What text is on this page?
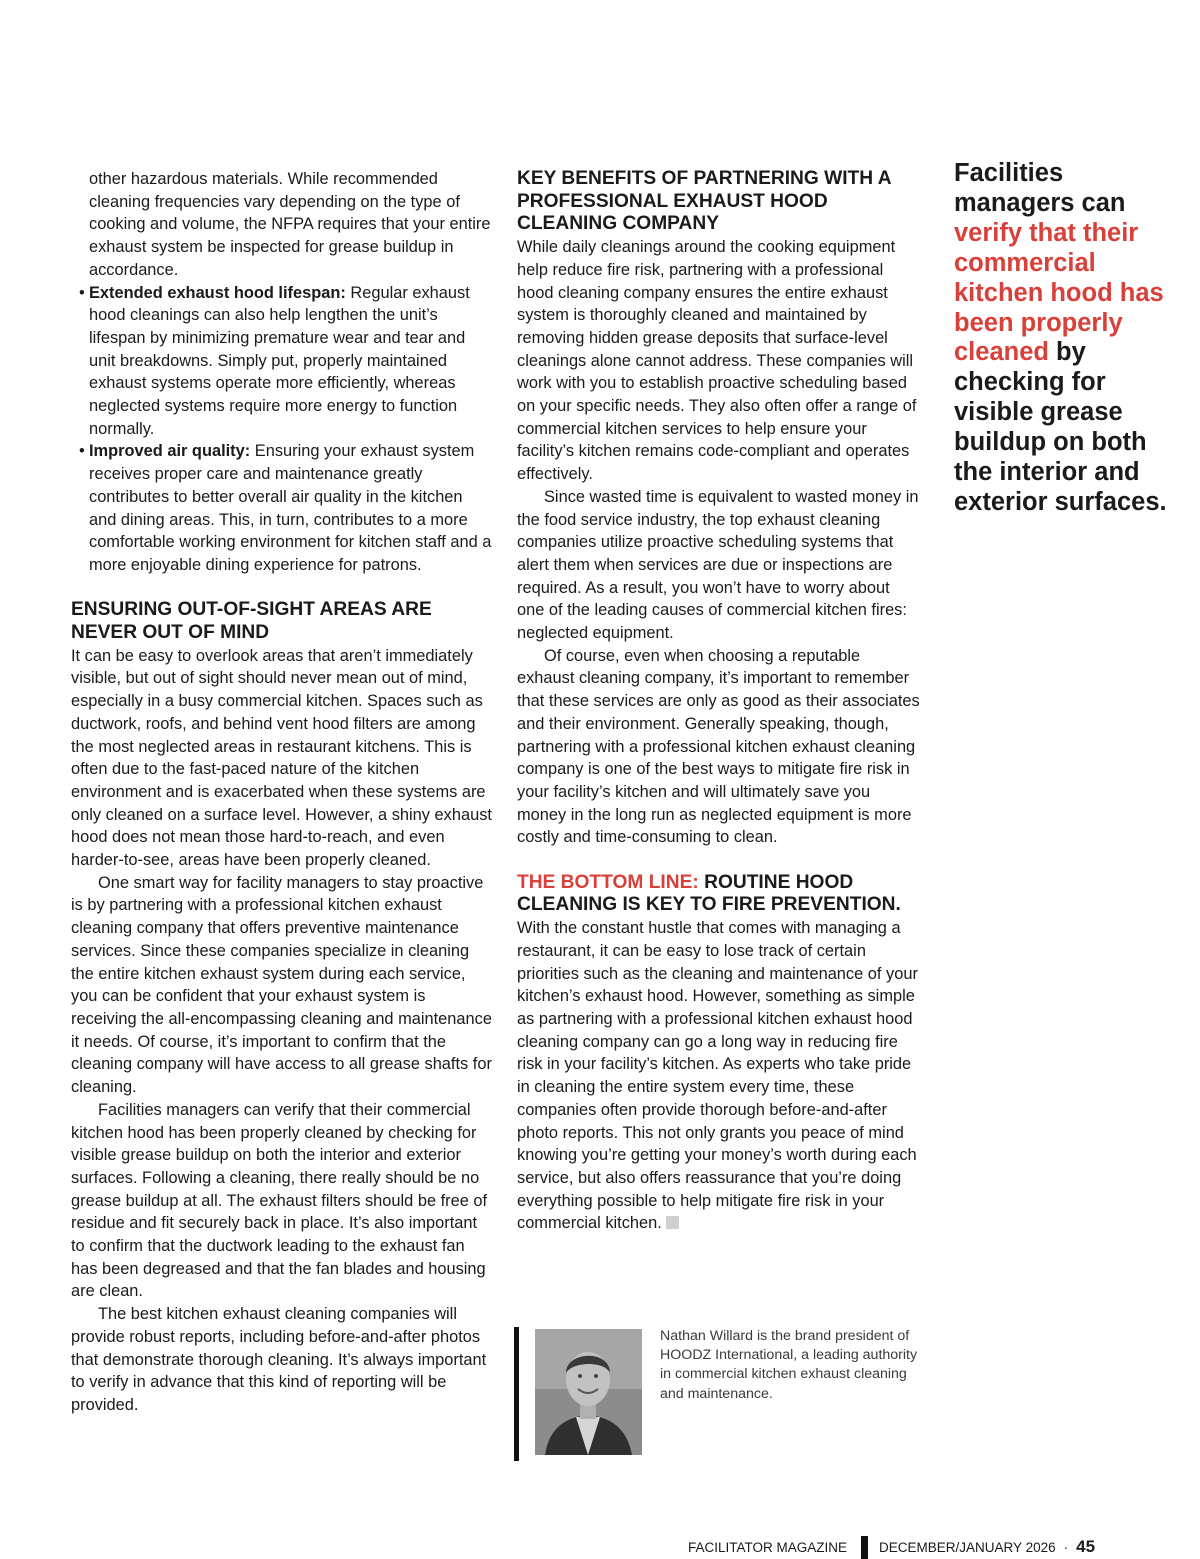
other hazardous materials. While recommended cleaning frequencies vary depending on the type of cooking and volume, the NFPA requires that your entire exhaust system be inspected for grease buildup in accordance.

• Extended exhaust hood lifespan: Regular exhaust hood cleanings can also help lengthen the unit’s lifespan by minimizing premature wear and tear and unit breakdowns. Simply put, properly maintained exhaust systems operate more efficiently, whereas neglected systems require more energy to function normally.

• Improved air quality: Ensuring your exhaust system receives proper care and maintenance greatly contributes to better overall air quality in the kitchen and dining areas. This, in turn, contributes to a more comfortable working environment for kitchen staff and a more enjoyable dining experience for patrons.

ENSURING OUT-OF-SIGHT AREAS ARE NEVER OUT OF MIND

It can be easy to overlook areas that aren’t immediately visible, but out of sight should never mean out of mind, especially in a busy commercial kitchen. Spaces such as ductwork, roofs, and behind vent hood filters are among the most neglected areas in restaurant kitchens. This is often due to the fast-paced nature of the kitchen environment and is exacerbated when these systems are only cleaned on a surface level. However, a shiny exhaust hood does not mean those hard-to-reach, and even harder-to-see, areas have been properly cleaned.

One smart way for facility managers to stay proactive is by partnering with a professional kitchen exhaust cleaning company that offers preventive maintenance services. Since these companies specialize in cleaning the entire kitchen exhaust system during each service, you can be confident that your exhaust system is receiving the all-encompassing cleaning and maintenance it needs. Of course, it’s important to confirm that the cleaning company will have access to all grease shafts for cleaning.

Facilities managers can verify that their commercial kitchen hood has been properly cleaned by checking for visible grease buildup on both the interior and exterior surfaces. Following a cleaning, there really should be no grease buildup at all. The exhaust filters should be free of residue and fit securely back in place. It’s also important to confirm that the ductwork leading to the exhaust fan has been degreased and that the fan blades and housing are clean.

The best kitchen exhaust cleaning companies will provide robust reports, including before-and-after photos that demonstrate thorough cleaning. It’s always important to verify in advance that this kind of reporting will be provided.

KEY BENEFITS OF PARTNERING WITH A PROFESSIONAL EXHAUST HOOD CLEANING COMPANY

While daily cleanings around the cooking equipment help reduce fire risk, partnering with a professional hood cleaning company ensures the entire exhaust system is thoroughly cleaned and maintained by removing hidden grease deposits that surface-level cleanings alone cannot address. These companies will work with you to establish proactive scheduling based on your specific needs. They also often offer a range of commercial kitchen services to help ensure your facility’s kitchen remains code-compliant and operates effectively.

Since wasted time is equivalent to wasted money in the food service industry, the top exhaust cleaning companies utilize proactive scheduling systems that alert them when services are due or inspections are required. As a result, you won’t have to worry about one of the leading causes of commercial kitchen fires: neglected equipment.

Of course, even when choosing a reputable exhaust cleaning company, it’s important to remember that these services are only as good as their associates and their environment. Generally speaking, though, partnering with a professional kitchen exhaust cleaning company is one of the best ways to mitigate fire risk in your facility’s kitchen and will ultimately save you money in the long run as neglected equipment is more costly and time-consuming to clean.

THE BOTTOM LINE: ROUTINE HOOD CLEANING IS KEY TO FIRE PREVENTION.

With the constant hustle that comes with managing a restaurant, it can be easy to lose track of certain priorities such as the cleaning and maintenance of your kitchen’s exhaust hood. However, something as simple as partnering with a professional kitchen exhaust hood cleaning company can go a long way in reducing fire risk in your facility’s kitchen. As experts who take pride in cleaning the entire system every time, these companies often provide thorough before-and-after photo reports. This not only grants you peace of mind knowing you’re getting your money’s worth during each service, but also offers reassurance that you’re doing everything possible to help mitigate fire risk in your commercial kitchen.

Facilities managers can verify that their commercial kitchen hood has been properly cleaned by checking for visible grease buildup on both the interior and exterior surfaces.
Nathan Willard is the brand president of HOODZ International, a leading authority in commercial kitchen exhaust cleaning and maintenance.
FACILITATOR MAGAZINE DECEMBER/JANUARY 2026 · 45
